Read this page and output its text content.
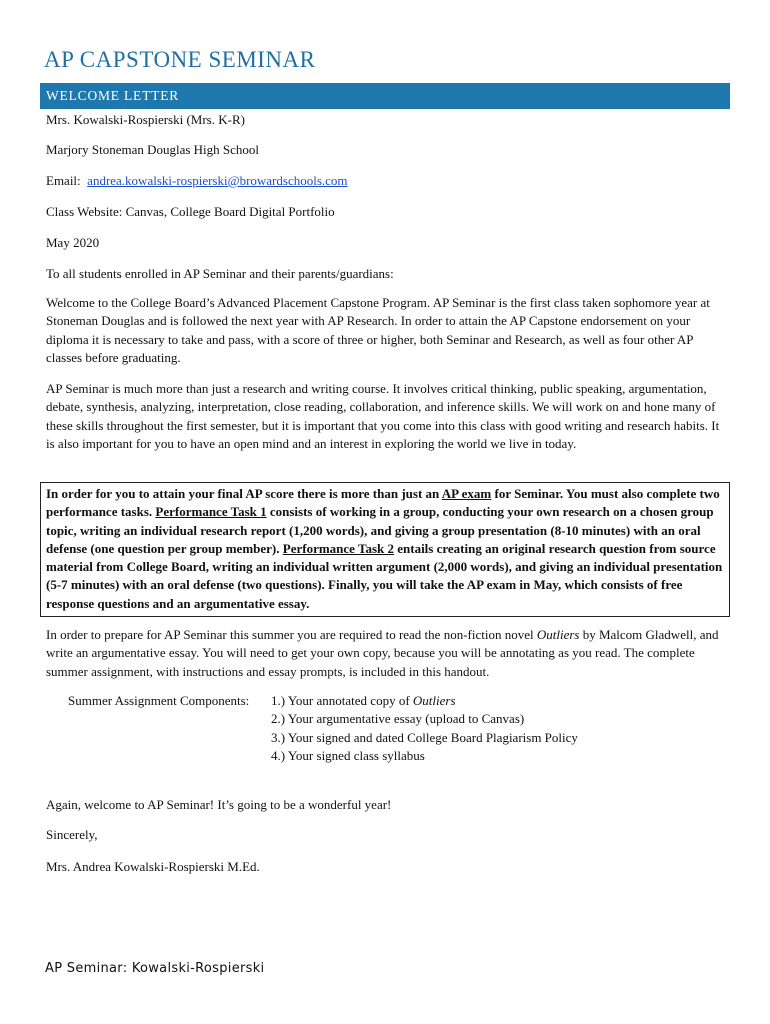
AP CAPSTONE SEMINAR
WELCOME LETTER
Mrs. Kowalski-Rospierski (Mrs. K-R)
Marjory Stoneman Douglas High School
Email: andrea.kowalski-rospierski@browardschools.com
Class Website: Canvas, College Board Digital Portfolio
May 2020
To all students enrolled in AP Seminar and their parents/guardians:
Welcome to the College Board’s Advanced Placement Capstone Program. AP Seminar is the first class taken sophomore year at Stoneman Douglas and is followed the next year with AP Research. In order to attain the AP Capstone endorsement on your diploma it is necessary to take and pass, with a score of three or higher, both Seminar and Research, as well as four other AP classes before graduating.
AP Seminar is much more than just a research and writing course. It involves critical thinking, public speaking, argumentation, debate, synthesis, analyzing, interpretation, close reading, collaboration, and inference skills. We will work on and hone many of these skills throughout the first semester, but it is important that you come into this class with good writing and research habits. It is also important for you to have an open mind and an interest in exploring the world we live in today.
In order for you to attain your final AP score there is more than just an AP exam for Seminar. You must also complete two performance tasks. Performance Task 1 consists of working in a group, conducting your own research on a chosen group topic, writing an individual research report (1,200 words), and giving a group presentation (8-10 minutes) with an oral defense (one question per group member). Performance Task 2 entails creating an original research question from source material from College Board, writing an individual written argument (2,000 words), and giving an individual presentation (5-7 minutes) with an oral defense (two questions). Finally, you will take the AP exam in May, which consists of free response questions and an argumentative essay.
In order to prepare for AP Seminar this summer you are required to read the non-fiction novel Outliers by Malcom Gladwell, and write an argumentative essay. You will need to get your own copy, because you will be annotating as you read. The complete summer assignment, with instructions and essay prompts, is included in this handout.
Summer Assignment Components: 1.) Your annotated copy of Outliers
2.) Your argumentative essay (upload to Canvas)
3.) Your signed and dated College Board Plagiarism Policy
4.) Your signed class syllabus
Again, welcome to AP Seminar! It’s going to be a wonderful year!
Sincerely,
Mrs. Andrea Kowalski-Rospierski M.Ed.
AP Seminar: Kowalski-Rospierski
